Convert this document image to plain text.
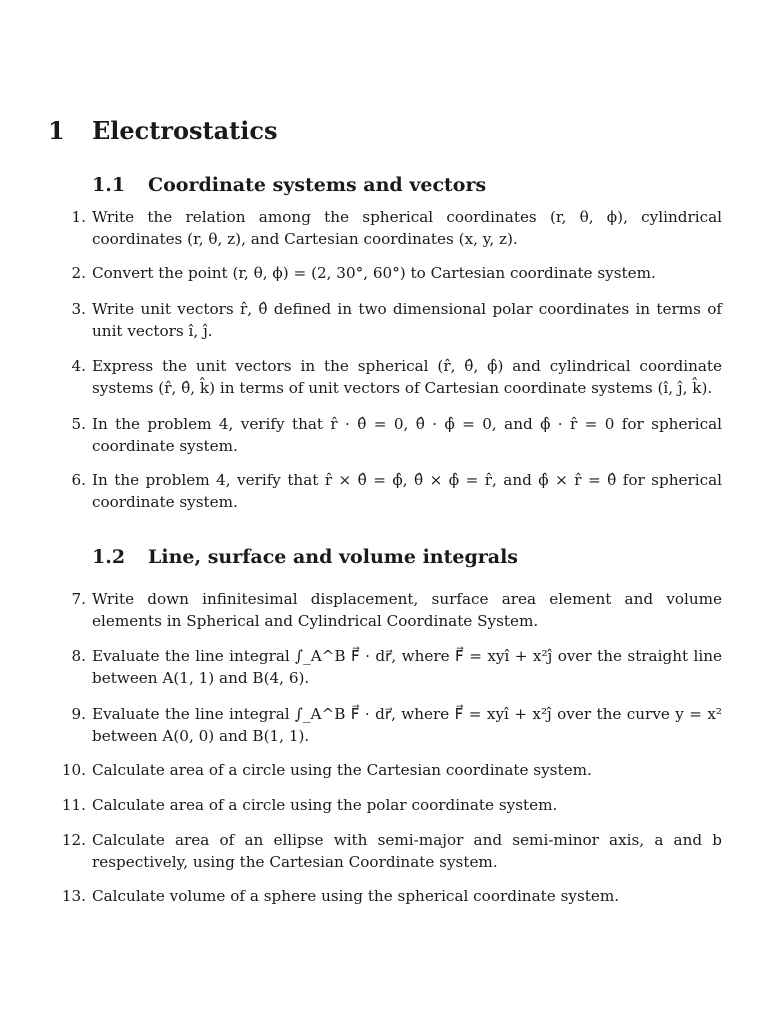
1 Electrostatics
1.1 Coordinate systems and vectors
1. Write the relation among the spherical coordinates (r, θ, ϕ), cylindrical coordinates (r, θ, z), and Cartesian coordinates (x, y, z).
2. Convert the point (r, θ, ϕ) = (2, 30°, 60°) to Cartesian coordinate system.
3. Write unit vectors r̂, θ̂ defined in two dimensional polar coordinates in terms of unit vectors î, ĵ.
4. Express the unit vectors in the spherical (r̂, θ̂, ϕ̂) and cylindrical coordinate systems (r̂, θ̂, k̂) in terms of unit vectors of Cartesian coordinate systems (î, ĵ, k̂).
5. In the problem 4, verify that r̂ · θ̂ = 0, θ̂ · ϕ̂ = 0, and ϕ̂ · r̂ = 0 for spherical coordinate system.
6. In the problem 4, verify that r̂ × θ̂ = ϕ̂, θ̂ × ϕ̂ = r̂, and ϕ̂ × r̂ = θ̂ for spherical coordinate system.
1.2 Line, surface and volume integrals
7. Write down infinitesimal displacement, surface area element and volume elements in Spherical and Cylindrical Coordinate System.
8. Evaluate the line integral ∫_A^B F⃗ · dr⃗, where F⃗ = xyî + x²ĵ over the straight line between A(1, 1) and B(4, 6).
9. Evaluate the line integral ∫_A^B F⃗ · dr⃗, where F⃗ = xyî + x²ĵ over the curve y = x² between A(0, 0) and B(1, 1).
10. Calculate area of a circle using the Cartesian coordinate system.
11. Calculate area of a circle using the polar coordinate system.
12. Calculate area of an ellipse with semi-major and semi-minor axis, a and b respectively, using the Cartesian Coordinate system.
13. Calculate volume of a sphere using the spherical coordinate system.
